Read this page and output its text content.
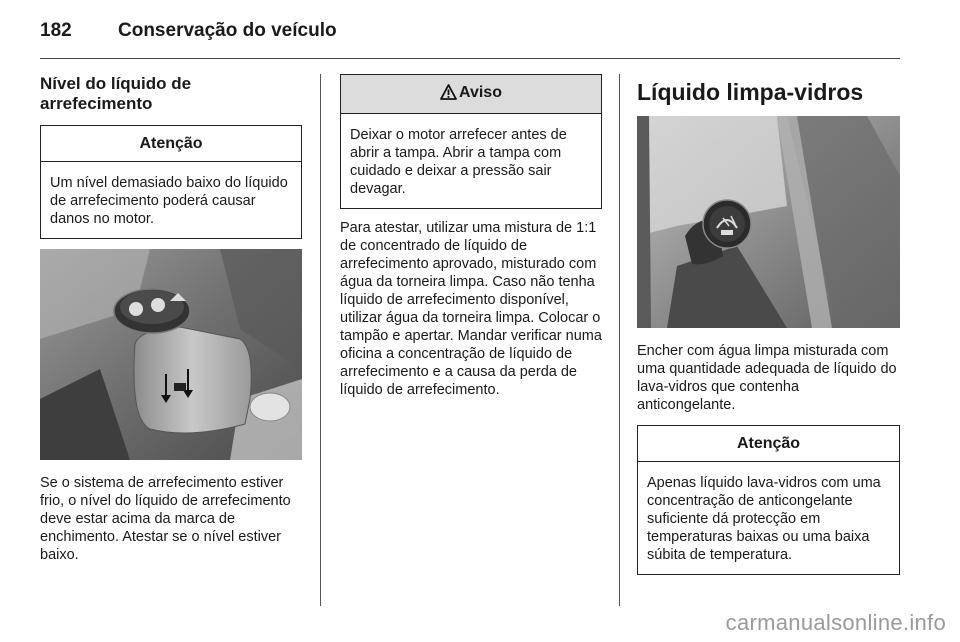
182 Conservação do veículo
Nível do líquido de arrefecimento
Atenção
Um nível demasiado baixo do líquido de arrefecimento poderá causar danos no motor.

Se o sistema de arrefecimento estiver frio, o nível do líquido de arrefecimento deve estar acima da marca de enchimento. Atestar se o nível estiver baixo.

Aviso
Deixar o motor arrefecer antes de abrir a tampa. Abrir a tampa com cuidado e deixar a pressão sair devagar.

Para atestar, utilizar uma mistura de 1:1 de concentrado de líquido de arrefecimento aprovado, misturado com água da torneira limpa. Caso não tenha líquido de arrefecimento disponível, utilizar água da torneira limpa. Colocar o tampão e apertar. Mandar verificar numa oficina a concentração de líquido de arrefecimento e a causa da perda de líquido de arrefecimento.

Líquido limpa-vidros

Encher com água limpa misturada com uma quantidade adequada de líquido do lava-vidros que contenha anticongelante.

Atenção
Apenas líquido lava-vidros com uma concentração de anticongelante suficiente dá protecção em temperaturas baixas ou uma baixa súbita de temperatura.
carmanualsonline.info
